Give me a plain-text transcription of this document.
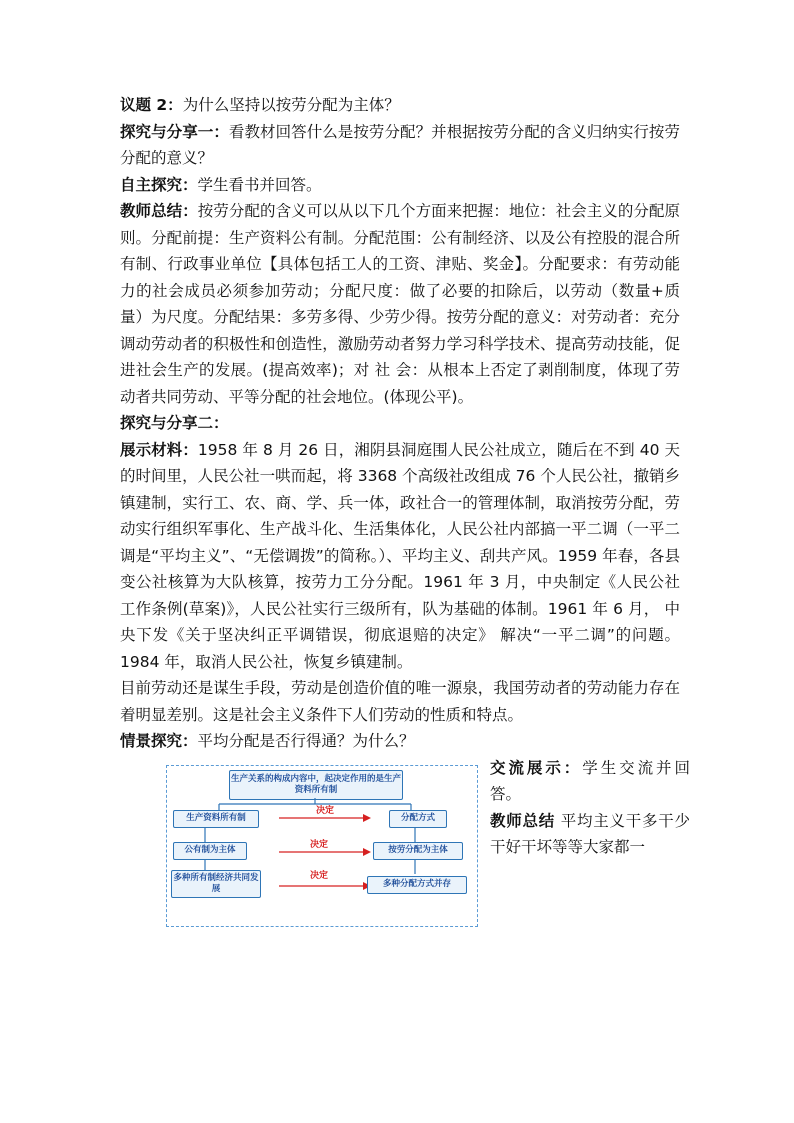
议题 2：为什么坚持以按劳分配为主体？

探究与分享一：看教材回答什么是按劳分配？并根据按劳分配的含义归纳实行按劳分配的意义？

自主探究：学生看书并回答。

教师总结：按劳分配的含义可以从以下几个方面来把握：地位：社会主义的分配原则。分配前提：生产资料公有制。分配范围：公有制经济、以及公有控股的混合所有制、行政事业单位【具体包括工人的工资、津贴、奖金】。分配要求：有劳动能力的社会成员必须参加劳动；分配尺度：做了必要的扣除后，以劳动（数量+质量）为尺度。分配结果：多劳多得、少劳少得。按劳分配的意义：对劳动者：充分调动劳动者的积极性和创造性，激励劳动者努力学习科学技术、提高劳动技能，促进社会生产的发展。(提高效率)；对 社 会：从根本上否定了剥削制度，体现了劳动者共同劳动、平等分配的社会地位。(体现公平)。

探究与分享二：

展示材料：1958 年 8 月 26 日，湘阴县洞庭围人民公社成立，随后在不到 40 天的时间里，人民公社一哄而起，将 3368 个高级社改组成 76 个人民公社，撤销乡镇建制，实行工、农、商、学、兵一体，政社合一的管理体制，取消按劳分配，劳动实行组织军事化、生产战斗化、生活集体化，人民公社内部搞一平二调（一平二调是“平均主义”、“无偿调拨”的简称。）、平均主义、刮共产风。1959 年春，各县变公社核算为大队核算，按劳力工分分配。1961 年 3 月，中央制定《人民公社工作条例(草案)》，人民公社实行三级所有，队为基础的体制。1961 年 6 月， 中央下发《关于坚决纠正平调错误，彻底退赔的决定》 解决“一平二调”的问题。1984 年，取消人民公社，恢复乡镇建制。

目前劳动还是谋生手段，劳动是创造价值的唯一源泉，我国劳动者的劳动能力存在着明显差别。这是社会主义条件下人们劳动的性质和特点。

情景探究：平均分配是否行得通？为什么？

生产关系的构成内容中，起决定作用的是生产资料所有制
决定
决定
决定
生产资料所有制	分配方式
公有制为主体	按劳分配为主体
多种所有制经济共同发展	多种分配方式并存

交流展示：学生交流并回答。

教师总结 平均主义干多干少干好干坏等等大家都一
